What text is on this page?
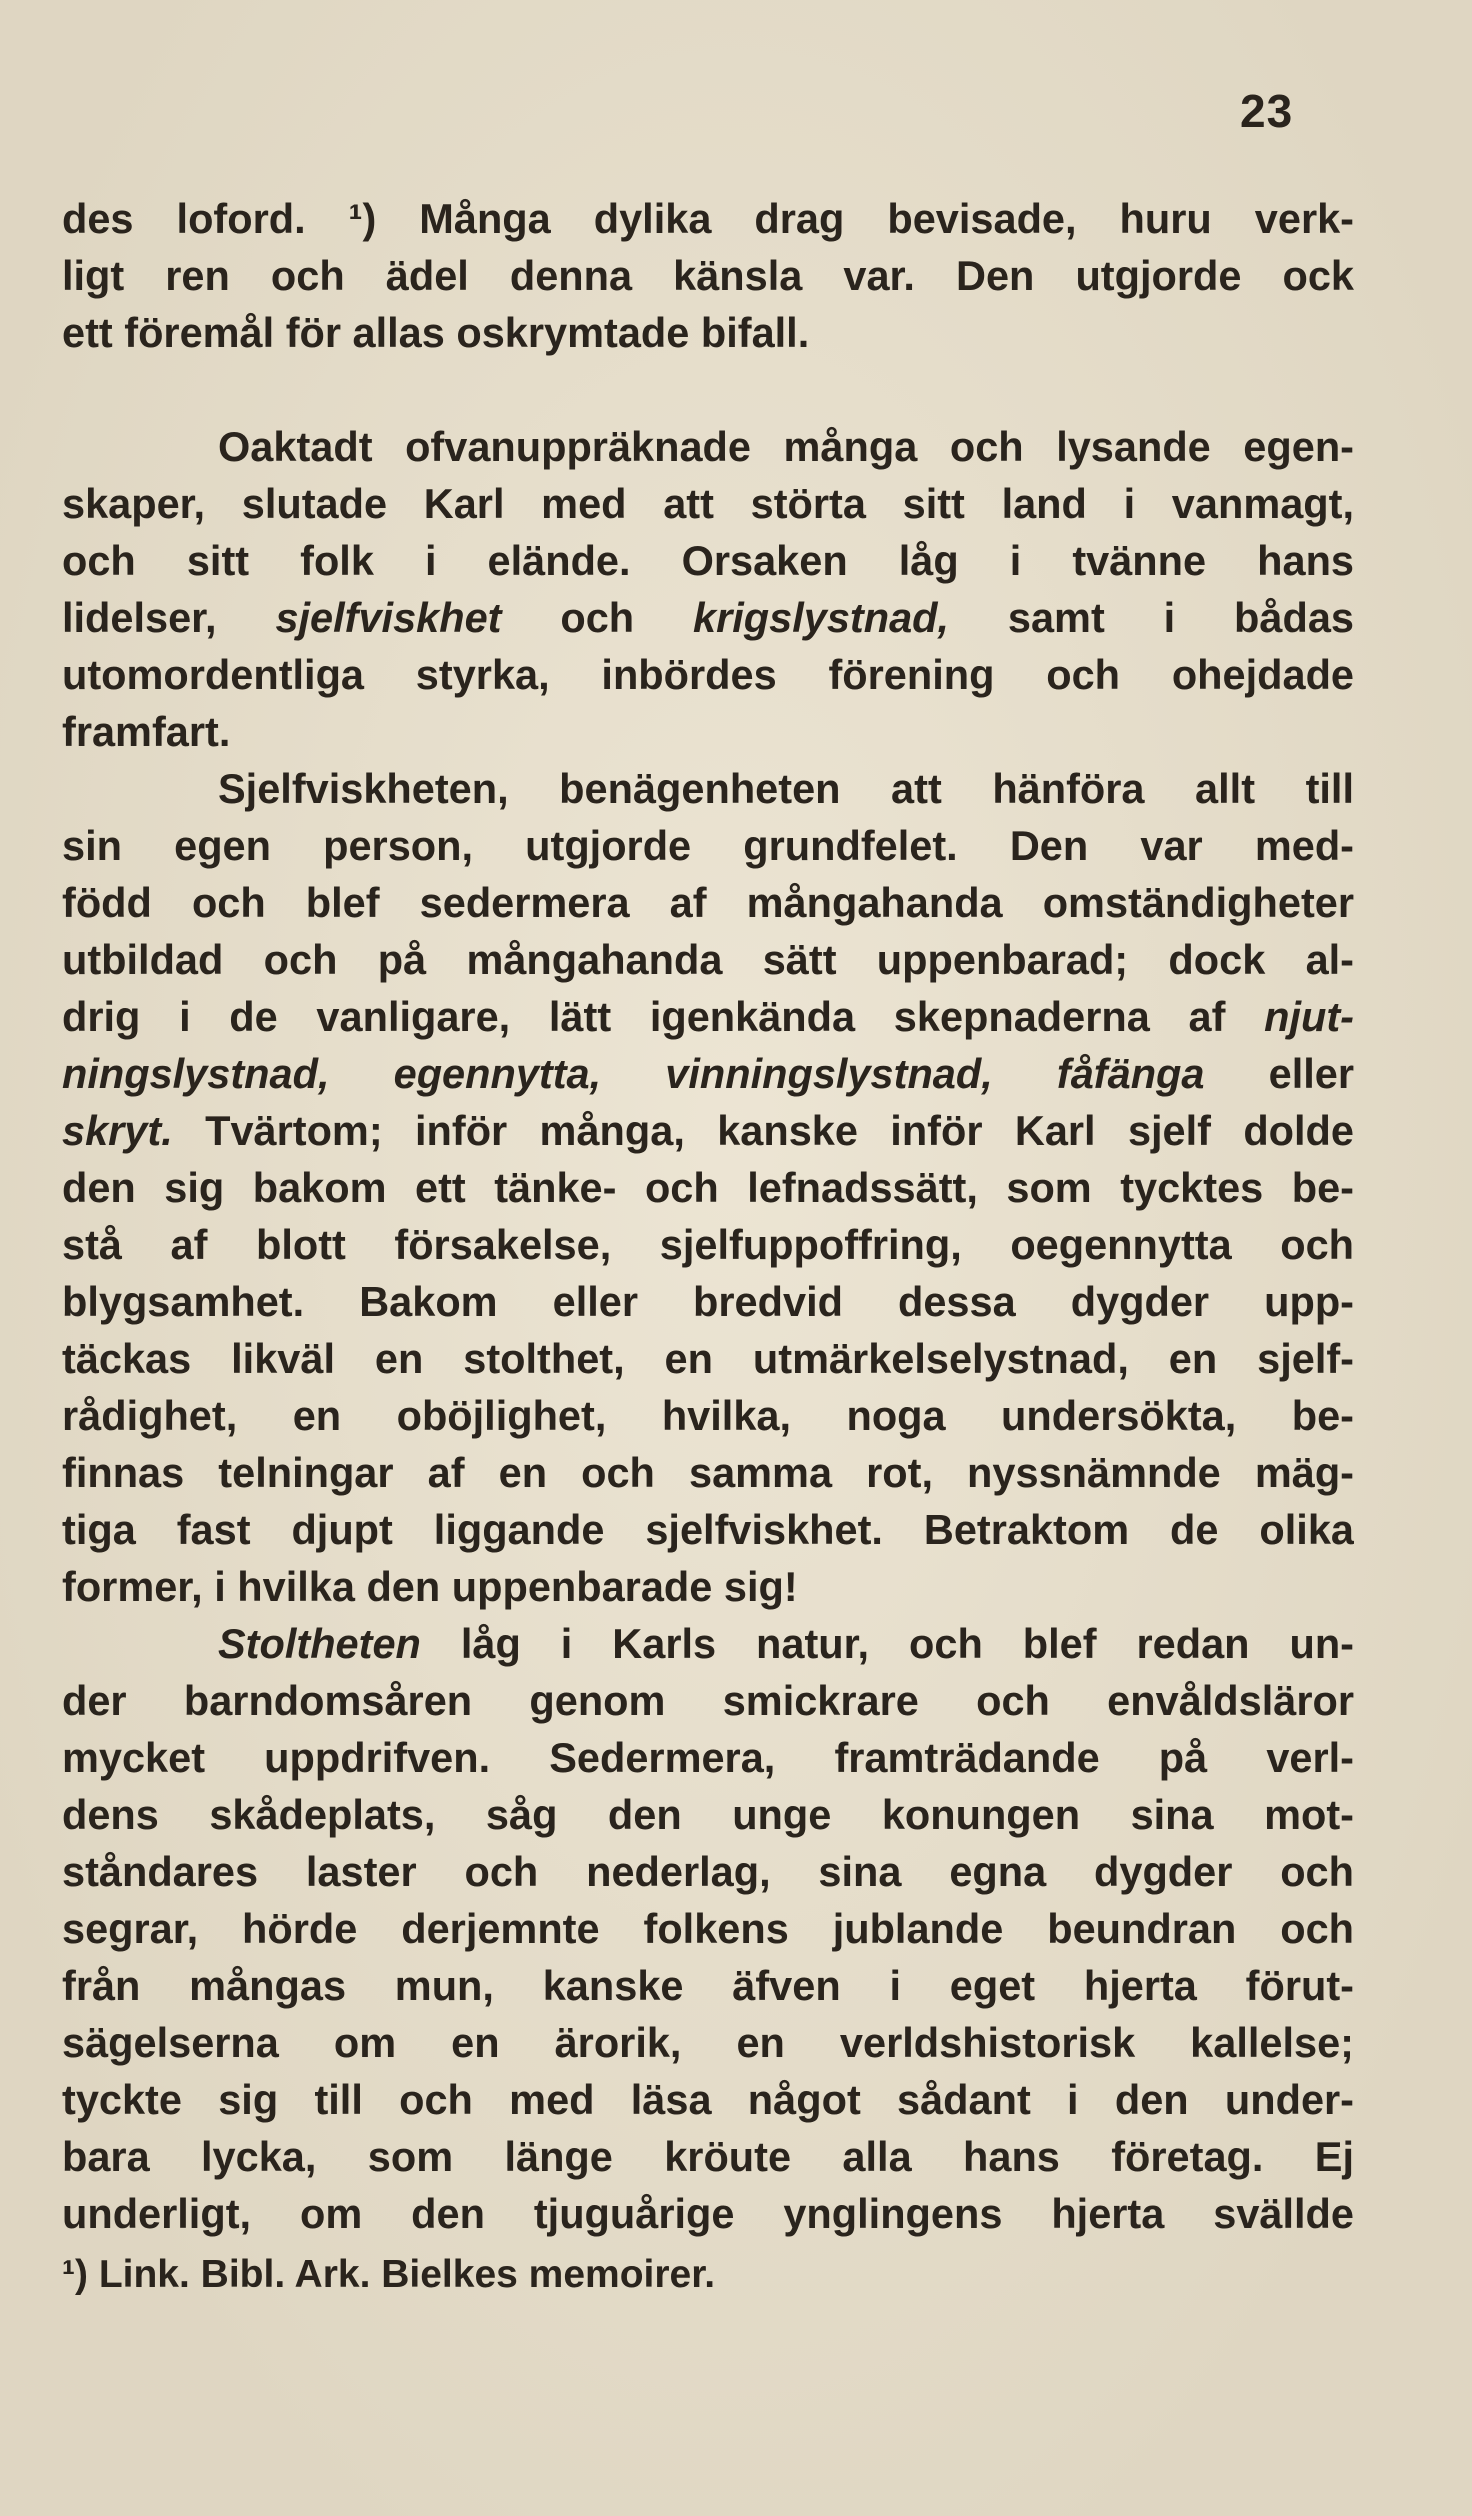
23
des loford. ¹) Många dylika drag bevisade, huru verk-
ligt ren och ädel denna känsla var. Den utgjorde ock
ett föremål för allas oskrymtade bifall.
Oaktadt ofvanuppräknade många och lysande egen-
skaper, slutade Karl med att störta sitt land i vanmagt,
och sitt folk i elände. Orsaken låg i tvänne hans
lidelser, sjelfviskhet och krigslystnad, samt i bådas
utomordentliga styrka, inbördes förening och ohejdade
framfart.
Sjelfviskheten, benägenheten att hänföra allt till
sin egen person, utgjorde grundfelet. Den var med-
född och blef sedermera af mångahanda omständigheter
utbildad och på mångahanda sätt uppenbarad; dock al-
drig i de vanligare, lätt igenkända skepnaderna af njut-
ningslystnad, egennytta, vinningslystnad, fåfänga eller
skryt. Tvärtom; inför många, kanske inför Karl sjelf dolde
den sig bakom ett tänke- och lefnadssätt, som tycktes be-
stå af blott försakelse, sjelfuppoffring, oegennytta och
blygsamhet. Bakom eller bredvid dessa dygder upp-
täckas likväl en stolthet, en utmärkelselystnad, en sjelf-
rådighet, en oböjlighet, hvilka, noga undersökta, be-
finnas telningar af en och samma rot, nyssnämnde mäg-
tiga fast djupt liggande sjelfviskhet. Betraktom de olika
former, i hvilka den uppenbarade sig!
Stoltheten låg i Karls natur, och blef redan un-
der barndomsåren genom smickrare och envåldsläror
mycket uppdrifven. Sedermera, framträdande på verl-
dens skådeplats, såg den unge konungen sina mot-
ståndares laster och nederlag, sina egna dygder och
segrar, hörde derjemnte folkens jublande beundran och
från mångas mun, kanske äfven i eget hjerta förut-
sägelserna om en ärorik, en verldshistorisk kallelse;
tyckte sig till och med läsa något sådant i den under-
bara lycka, som länge kröute alla hans företag. Ej
underligt, om den tjuguårige ynglingens hjerta svällde
¹) Link. Bibl. Ark. Bielkes memoirer.
